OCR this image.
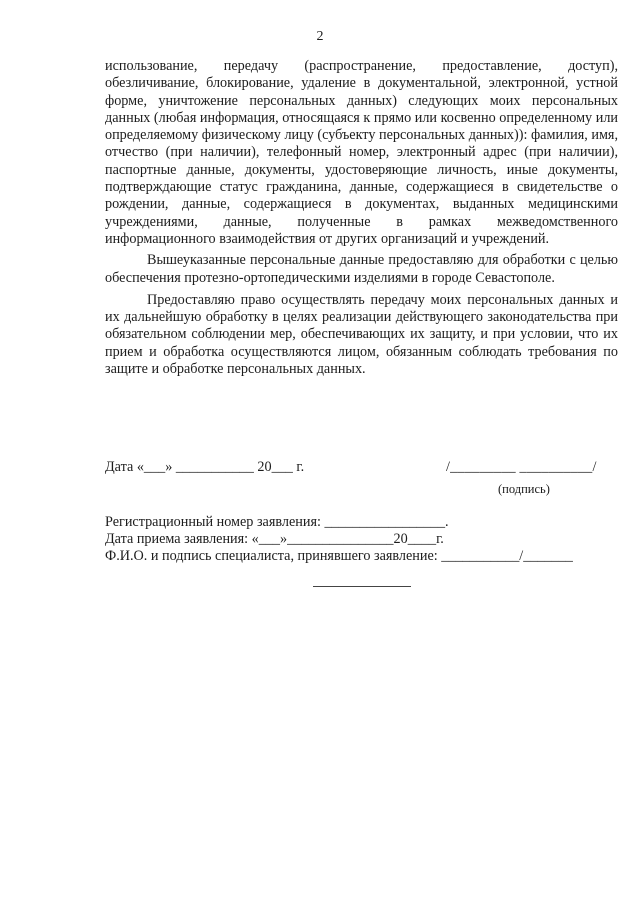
2

использование, передачу (распространение, предоставление, доступ), обезличивание, блокирование, удаление в документальной, электронной, устной форме, уничтожение персональных данных) следующих моих персональных данных (любая информация, относящаяся к прямо или косвенно определенному или определяемому физическому лицу (субъекту персональных данных)): фамилия, имя, отчество (при наличии), телефонный номер, электронный адрес (при наличии), паспортные данные, документы, удостоверяющие личность, иные документы, подтверждающие статус гражданина, данные, содержащиеся в свидетельстве о рождении, данные, содержащиеся в документах, выданных медицинскими учреждениями, данные, полученные в рамках межведомственного информационного взаимодействия от других организаций и учреждений.

Вышеуказанные персональные данные предоставляю для обработки с целью обеспечения протезно-ортопедическими изделиями в городе Севастополе.

Предоставляю право осуществлять передачу моих персональных данных и их дальнейшую обработку в целях реализации действующего законодательства при обязательном соблюдении мер, обеспечивающих их защиту, и при условии, что их прием и обработка осуществляются лицом, обязанным соблюдать требования по защите и обработке персональных данных.

Дата «___» ___________ 20___ г.	/_________ __________/
(подпись)
Регистрационный номер заявления: _________________.
Дата приема заявления: «___»_______________20____г.
Ф.И.О. и подпись специалиста, принявшего заявление: ___________/_______
